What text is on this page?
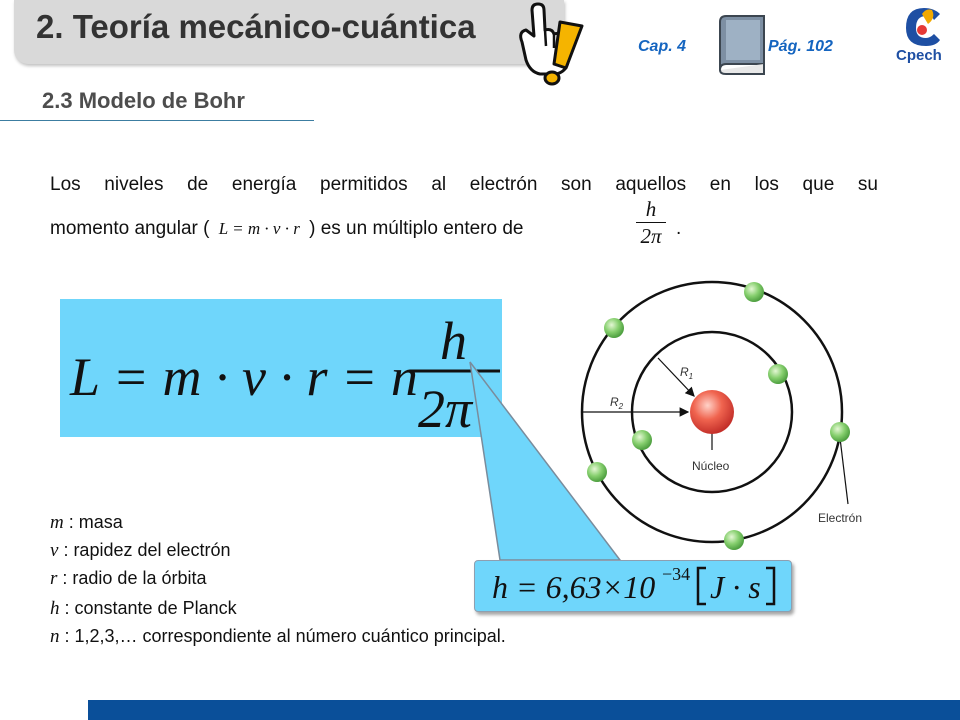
2. Teoría mecánico-cuántica
Cap. 4	Pág. 102
Cpech
2.3 Modelo de Bohr
Los niveles de energía permitidos al electrón son aquellos en los que su
momento angular ( L = m · v · r ) es un múltiplo entero de
h
2π .
L = m · v · r = n
h
2π
h = 6,63×10 −34 J · s
$R_1$
$R_2$
Núcleo
Electrón
m : masa
v : rapidez del electrón
r : radio de la órbita
h : constante de Planck
n : 1,2,3,… correspondiente al número cuántico principal.
